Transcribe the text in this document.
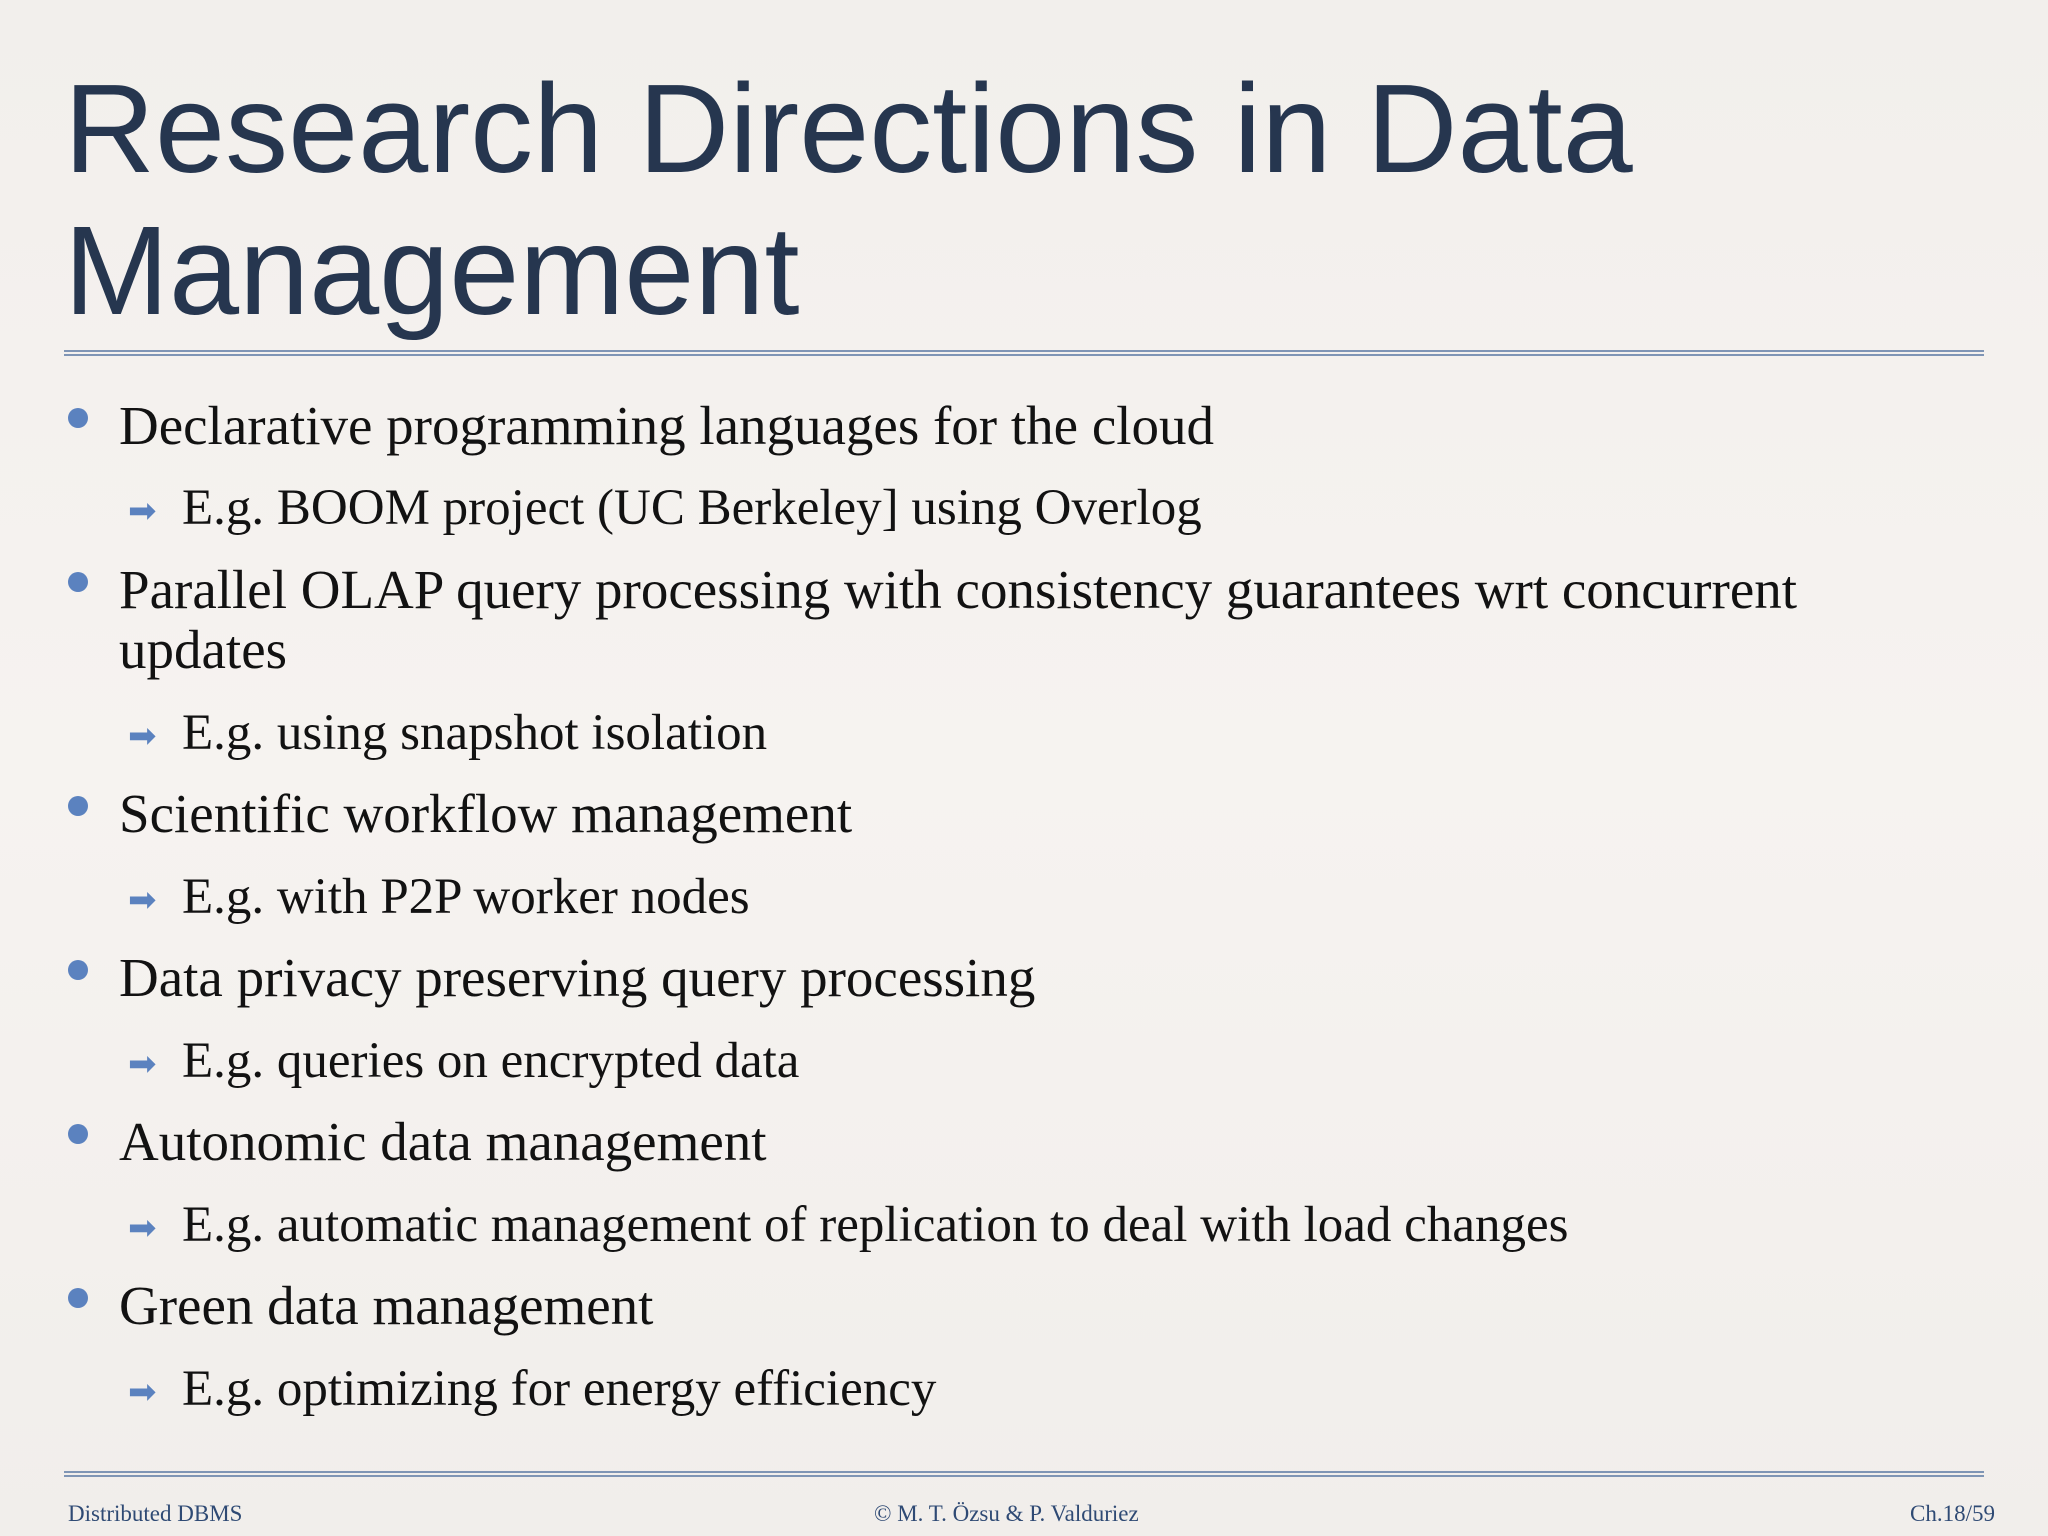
Research Directions in Data Management
Declarative programming languages for the cloud
➡ E.g. BOOM project (UC Berkeley] using Overlog
Parallel OLAP query processing with consistency guarantees wrt concurrent updates
➡ E.g. using snapshot isolation
Scientific workflow management
➡ E.g. with P2P worker nodes
Data privacy preserving query processing
➡ E.g. queries on encrypted data
Autonomic data management
➡ E.g. automatic management of replication to deal with load changes
Green data management
➡ E.g. optimizing for energy efficiency
Distributed DBMS	© M. T. Özsu & P. Valduriez	Ch.18/59
